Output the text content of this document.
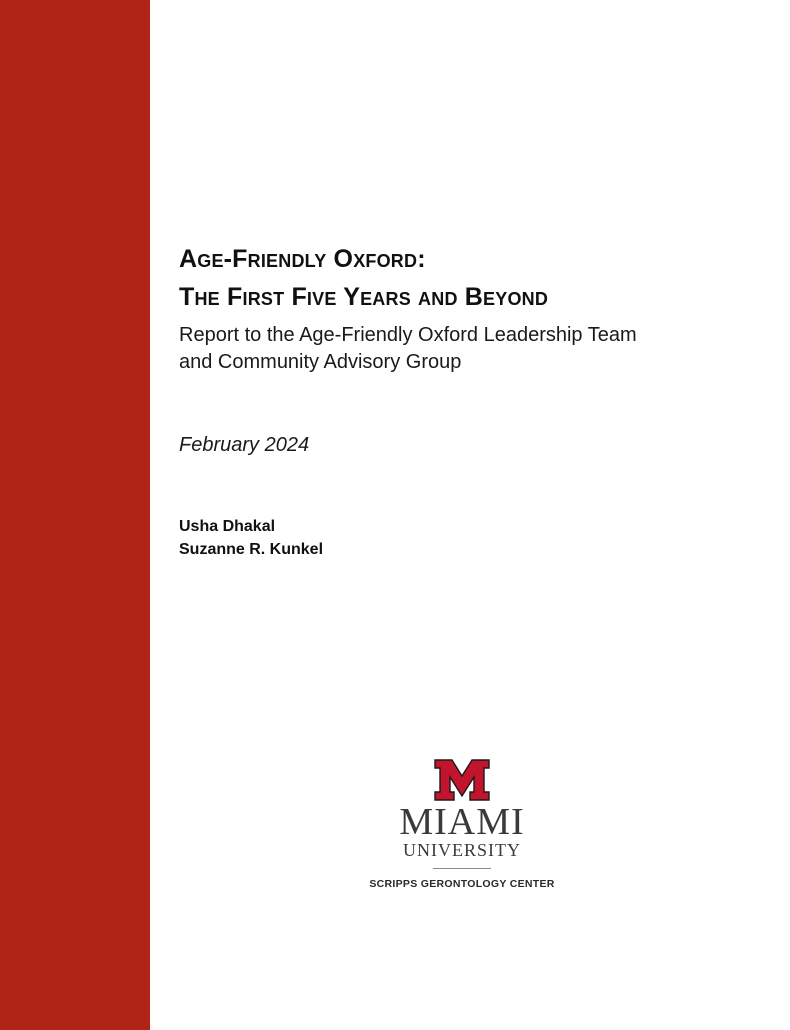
Age-Friendly Oxford:
The First Five Years and Beyond
Report to the Age-Friendly Oxford Leadership Team
and Community Advisory Group
February 2024
Usha Dhakal
Suzanne R. Kunkel
MIAMI
UNIVERSITY
SCRIPPS GERONTOLOGY CENTER
